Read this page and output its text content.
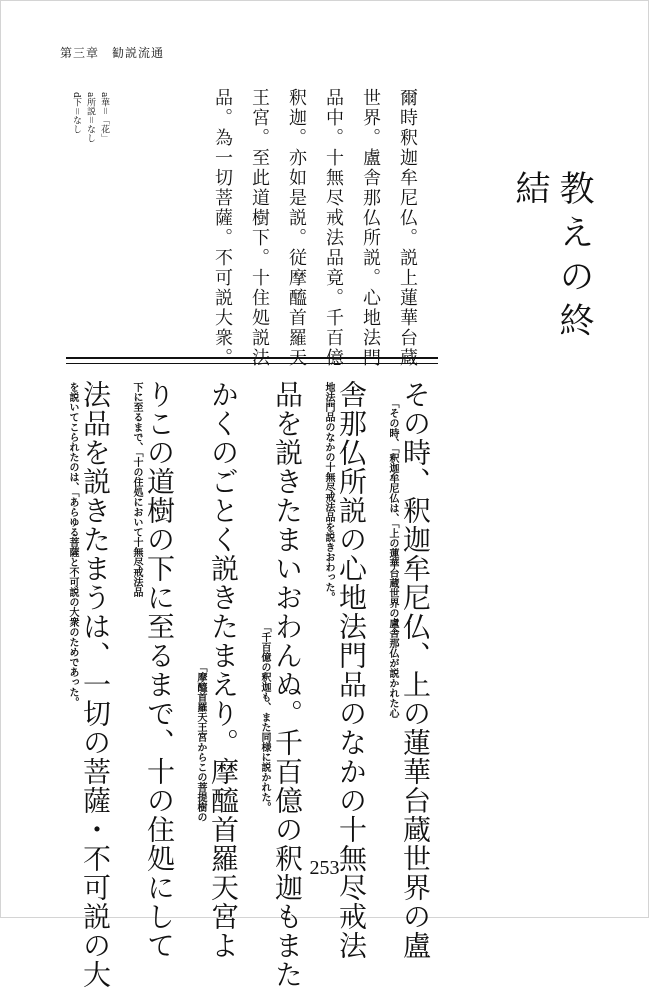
第三章　勧説流通
教えの終結
爾時釈迦牟尼仏。説上蓮華台蔵
世界。盧舎那仏所説。心地法門
品中。十無尽戒法品竟。千百億
釈迦。亦如是説。従摩醯首羅天
王宮。至此道樹下。十住処説法
品。為一切菩薩。不可説大衆。
a華＝「花」
a所説＝なし
d下＝なし
その時、釈迦牟尼仏、上の蓮華台蔵世界の盧
舎那仏所説の心地法門品のなかの十無尽戒法
品を説きたまいおわんぬ。千百億の釈迦もまた
かくのごとく説きたまえり。摩醯首羅天宮よ
りこの道樹の下に至るまで、十の住処にして
法品を説きたまうは、一切の菩薩・不可説の大	「その時、「釈迦牟尼仏は、「上の蓮華台蔵世界の盧舎那仏が説かれた心
地法門品のなかの十無尽戒法品を説きおわった。
「千百億の釈迦も、また同様に説かれた。
「摩醯首羅天王宮からこの菩提樹の
下に至るまで、「十の住処において十無尽戒法品
を説いてこられたのは、「あらゆる菩薩と不可説の大衆のためであった。
253
